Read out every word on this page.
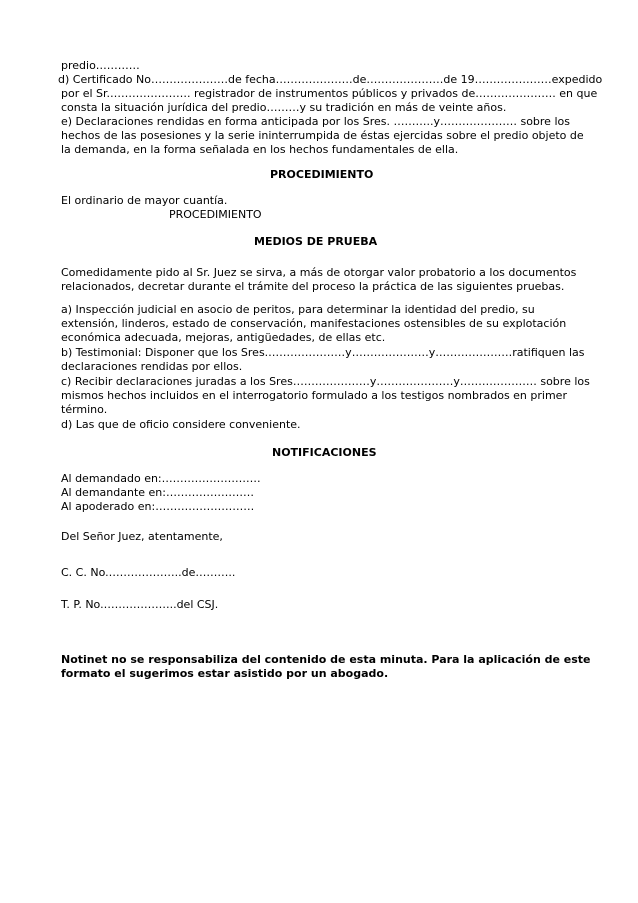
predio…………
d) Certificado No…………………de fecha…………………de…………………de 19…………………expedido
por el Sr.…………………. registrador de instrumentos públicos y privados de…………………. en que
consta la situación jurídica del predio………y su tradición en más de veinte años.
e) Declaraciones rendidas en forma anticipada por los Sres. ………..y………………… sobre los
hechos de las posesiones y la serie ininterrumpida de éstas ejercidas sobre el predio objeto de
la demanda, en la forma señalada en los hechos fundamentales de ella.
PROCEDIMIENTO
El ordinario de mayor cuantía.
PROCEDIMIENTO
MEDIOS DE PRUEBA
Comedidamente pido al Sr. Juez se sirva, a más de otorgar valor probatorio a los documentos
relacionados, decretar durante el trámite del proceso la práctica de las siguientes pruebas.
a) Inspección judicial en asocio de peritos, para determinar la identidad del predio, su
extensión, linderos, estado de conservación, manifestaciones ostensibles de su explotación
económica adecuada, mejoras, antigüedades, de ellas etc.
b) Testimonial: Disponer que los Sres.…………………y…………………y…………………ratifiquen las
declaraciones rendidas por ellos.
c) Recibir declaraciones juradas a los Sres…………………y…………………y………………… sobre los
mismos hechos incluidos en el interrogatorio formulado a los testigos nombrados en primer
término.
d) Las que de oficio considere conveniente.
NOTIFICACIONES
Al demandado en:………………………
Al demandante en:……………………
Al apoderado en:………………………
Del Señor Juez, atentamente,
C. C. No.………………..de………..
T. P. No.………………..del CSJ.
Notinet no se responsabiliza del contenido de esta minuta. Para la aplicación de este
formato el sugerimos estar asistido por un abogado.
